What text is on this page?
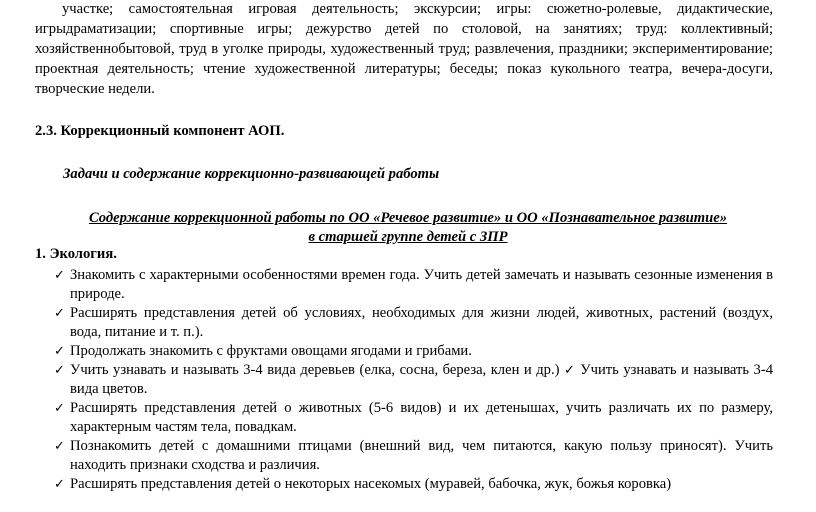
участке; самостоятельная игровая деятельность; экскурсии; игры: сюжетно-ролевые, дидактические, игрыдраматизации; спортивные игры; дежурство детей по столовой, на занятиях; труд: коллективный; хозяйственнобытовой, труд в уголке природы, художественный труд; развлечения, праздники; экспериментирование; проектная деятельность; чтение художественной литературы; беседы; показ кукольного театра, вечера-досуги, творческие недели.

2.3. Коррекционный компонент АОП.

Задачи и содержание коррекционно-развивающей работы

Содержание коррекционной работы по ОО «Речевое развитие» и ОО «Познавательное развитие»

в старшей группе детей с ЗПР

1. Экология.

✓ Знакомить с характерными особенностями времен года. Учить детей замечать и называть сезонные изменения в природе.
✓ Расширять представления детей об условиях, необходимых для жизни людей, животных, растений (воздух, вода, питание и т. п.).
✓ Продолжать знакомить с фруктами овощами ягодами и грибами.
✓ Учить узнавать и называть 3-4 вида деревьев (елка, сосна, береза, клен и др.) ✓ Учить узнавать и называть 3-4 вида цветов.
✓ Расширять представления детей о животных (5-6 видов) и их детенышах, учить различать их по размеру, характерным частям тела, повадкам.
✓ Познакомить детей с домашними птицами (внешний вид, чем питаются, какую пользу приносят). Учить находить признаки сходства и различия.
✓ Расширять представления детей о некоторых насекомых (муравей, бабочка, жук, божья коровка)
